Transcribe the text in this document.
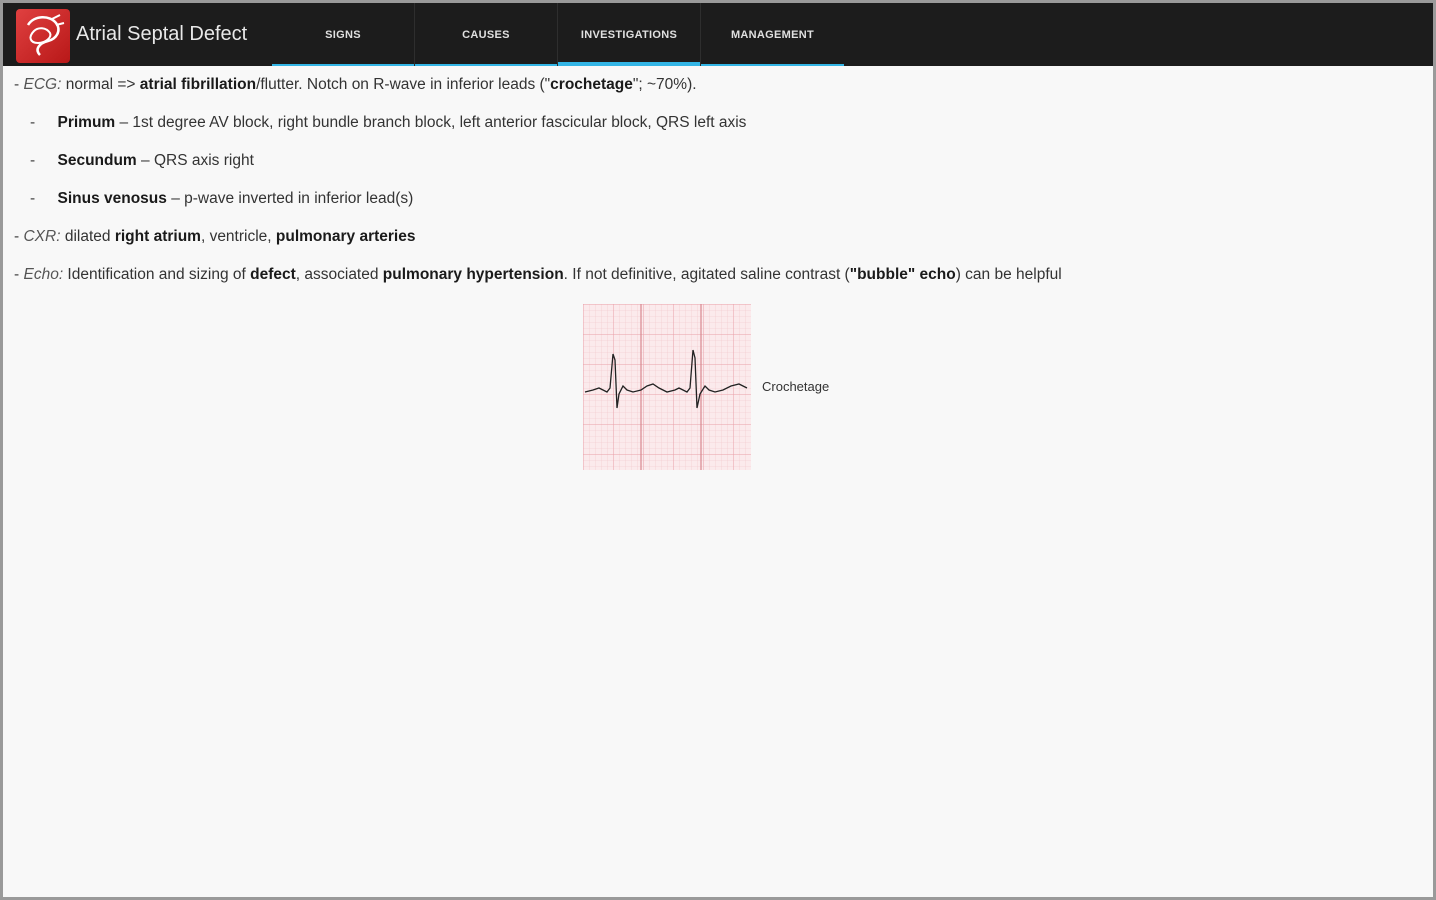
Atrial Septal Defect	SIGNS	CAUSES	INVESTIGATIONS	MANAGEMENT
- ECG: normal => atrial fibrillation/flutter. Notch on R-wave in inferior leads ("crochetage"; ~70%).
- Primum – 1st degree AV block, right bundle branch block, left anterior fascicular block, QRS left axis
- Secundum – QRS axis right
- Sinus venosus – p-wave inverted in inferior lead(s)
- CXR: dilated right atrium, ventricle, pulmonary arteries
- Echo: Identification and sizing of defect, associated pulmonary hypertension. If not definitive, agitated saline contrast ("bubble" echo) can be helpful
Crochetage
